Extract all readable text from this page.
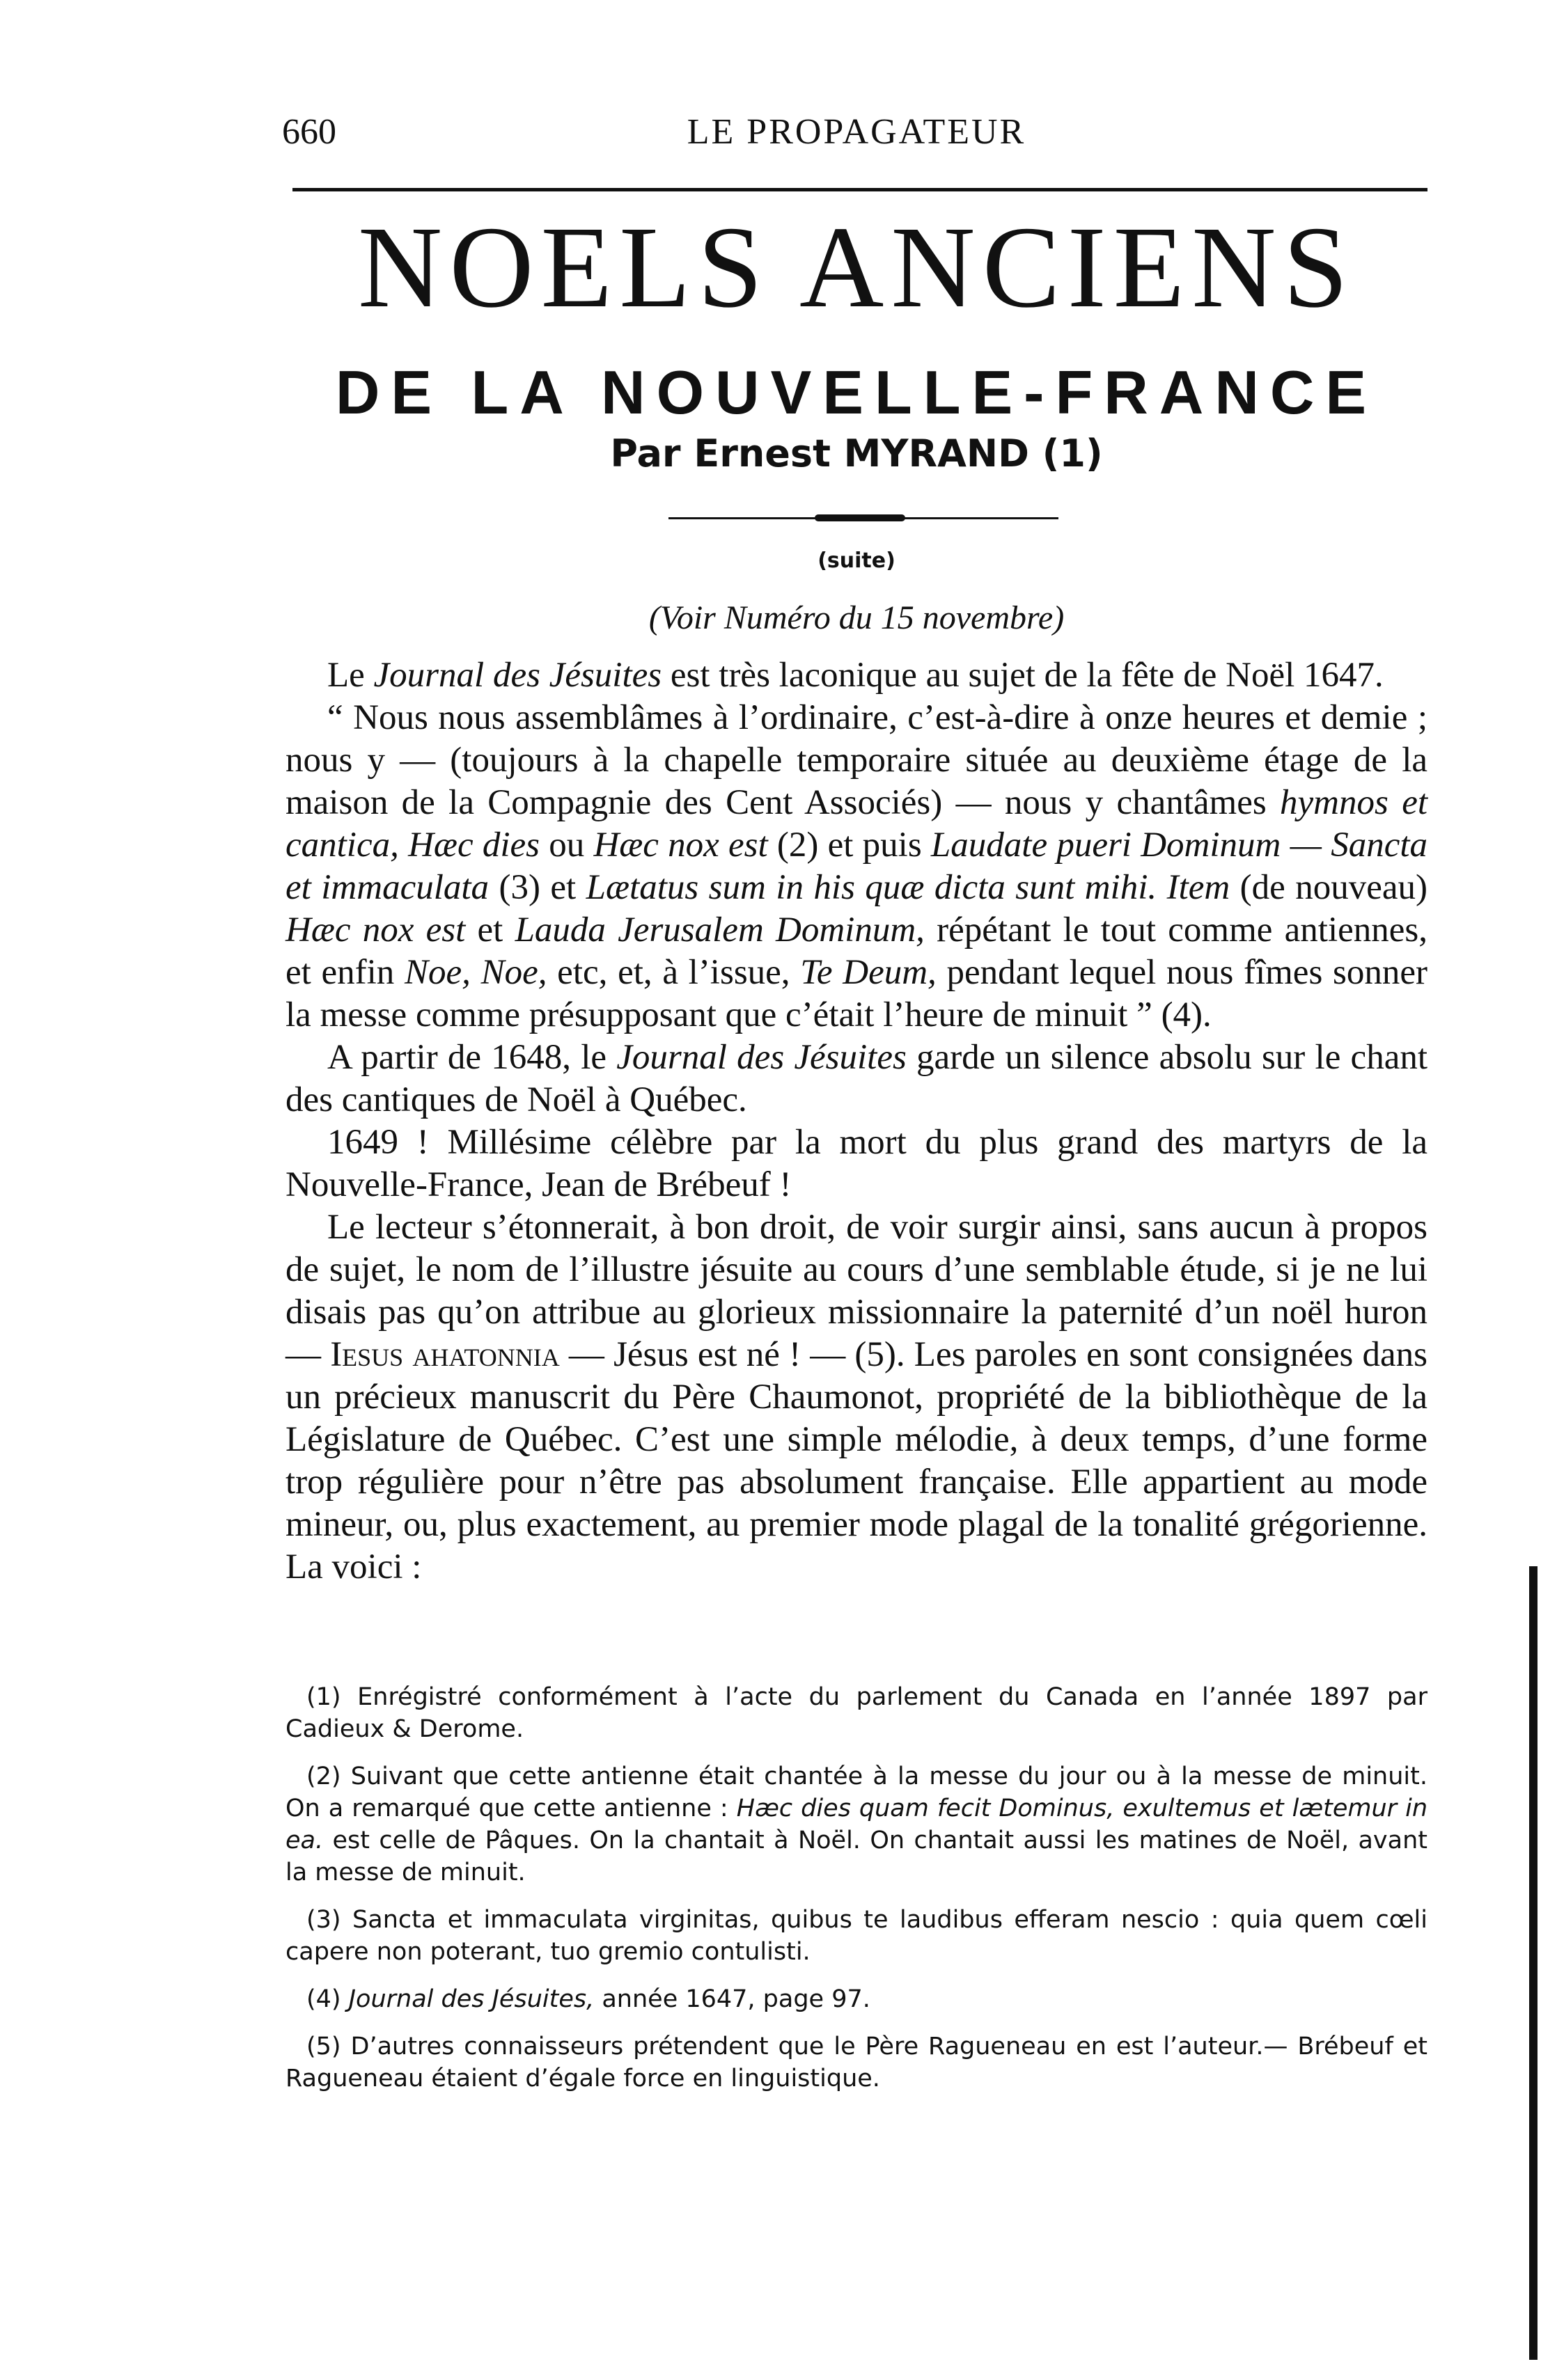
660	LE PROPAGATEUR
NOELS ANCIENS
DE LA NOUVELLE-FRANCE
Par Ernest MYRAND (1)
(suite)
(Voir Numéro du 15 novembre)

Le Journal des Jésuites est très laconique au sujet de la fête de Noël 1647.

“ Nous nous assemblâmes à l’ordinaire, c’est-à-dire à onze heures et demie ; nous y — (toujours à la chapelle temporaire située au deuxième étage de la maison de la Compagnie des Cent Associés) — nous y chantâmes hymnos et cantica, Hæc dies ou Hæc nox est (2) et puis Laudate pueri Dominum — Sancta et immaculata (3) et Lætatus sum in his quæ dicta sunt mihi. Item (de nouveau) Hæc nox est et Lauda Jerusalem Dominum, répétant le tout comme antiennes, et enfin Noe, Noe, etc, et, à l’issue, Te Deum, pendant lequel nous fîmes sonner la messe comme présupposant que c’était l’heure de minuit ” (4).

A partir de 1648, le Journal des Jésuites garde un silence absolu sur le chant des cantiques de Noël à Québec.

1649 ! Millésime célèbre par la mort du plus grand des martyrs de la Nouvelle-France, Jean de Brébeuf !

Le lecteur s’étonnerait, à bon droit, de voir surgir ainsi, sans aucun à propos de sujet, le nom de l’illustre jésuite au cours d’une semblable étude, si je ne lui disais pas qu’on attribue au glorieux missionnaire la paternité d’un noël huron — Iesus ahatonnia — Jésus est né ! — (5). Les paroles en sont consignées dans un précieux manuscrit du Père Chaumonot, propriété de la bibliothèque de la Législature de Québec. C’est une simple mélodie, à deux temps, d’une forme trop régulière pour n’être pas absolument française. Elle appartient au mode mineur, ou, plus exactement, au premier mode plagal de la tonalité grégorienne. La voici :

(1) Enrégistré conformément à l’acte du parlement du Canada en l’année 1897 par Cadieux & Derome.

(2) Suivant que cette antienne était chantée à la messe du jour ou à la messe de minuit. On a remarqué que cette antienne : Hæc dies quam fecit Dominus, exultemus et lætemur in ea. est celle de Pâques. On la chantait à Noël. On chantait aussi les matines de Noël, avant la messe de minuit.

(3) Sancta et immaculata virginitas, quibus te laudibus efferam nescio : quia quem cœli capere non poterant, tuo gremio contulisti.

(4) Journal des Jésuites, année 1647, page 97.

(5) D’autres connaisseurs prétendent que le Père Ragueneau en est l’auteur.— Brébeuf et Ragueneau étaient d’égale force en linguistique.
